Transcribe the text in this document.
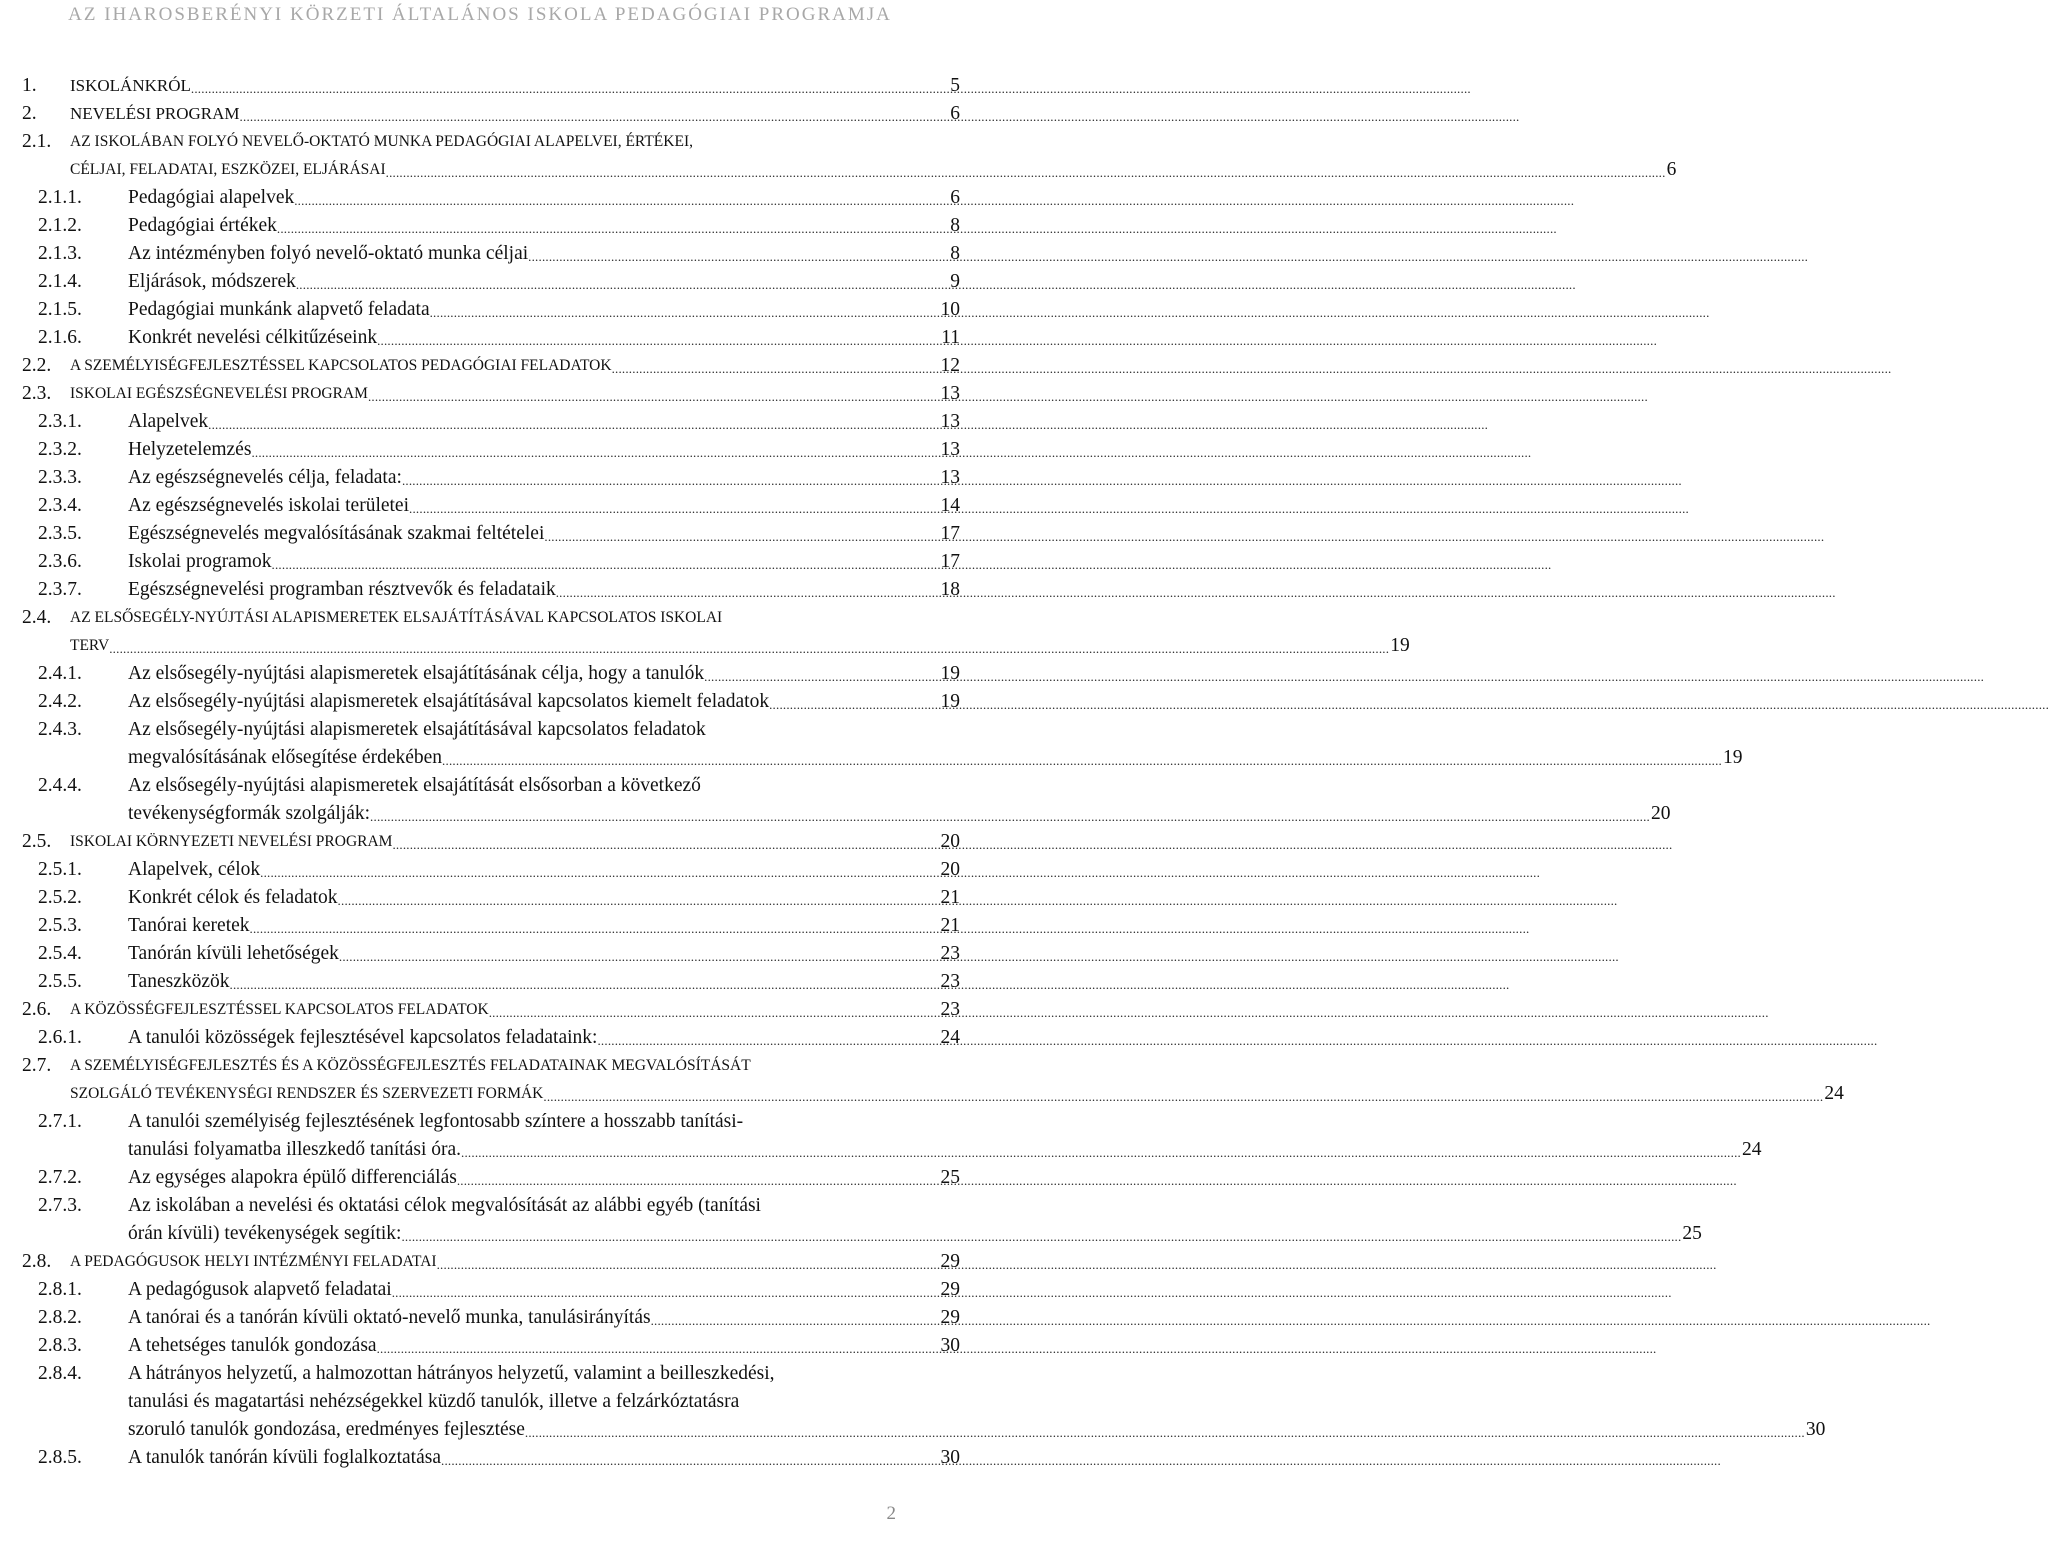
AZ IHAROSBERÉNYI KÖRZETI ÁLTALÁNOS ISKOLA PEDAGÓGIAI PROGRAMJA
1.	ISKOLÁNKRÓL .....	5
2.	NEVELÉSI PROGRAM .....	6
2.1.	AZ ISKOLÁBAN FOLYÓ NEVELŐ-OKTATÓ MUNKA PEDAGÓGIAI ALAPELVEI, ÉRTÉKEI,
CÉLJAI, FELADATAI, ESZKÖZEI, ELJÁRÁSAI .....	6
2.1.1.	Pedagógiai alapelvek .....	6
2.1.2.	Pedagógiai értékek .....	8
2.1.3.	Az intézményben folyó nevelő-oktató munka céljai .....	8
2.1.4.	Eljárások, módszerek .....	9
2.1.5.	Pedagógiai munkánk alapvető feladata .....	10
2.1.6.	Konkrét nevelési célkitűzéseink .....	11
2.2.	A SZEMÉLYISÉGFEJLESZTÉSSEL KAPCSOLATOS PEDAGÓGIAI FELADATOK .....	12
2.3.	ISKOLAI EGÉSZSÉGNEVELÉSI PROGRAM .....	13
2.3.1.	Alapelvek .....	13
2.3.2.	Helyzetelemzés .....	13
2.3.3.	Az egészségnevelés célja, feladata: .....	13
2.3.4.	Az egészségnevelés iskolai területei .....	14
2.3.5.	Egészségnevelés megvalósításának szakmai feltételei .....	17
2.3.6.	Iskolai programok .....	17
2.3.7.	Egészségnevelési programban résztvevők és feladataik .....	18
2.4.	AZ ELSŐSEGÉLY-NYÚJTÁSI ALAPISMERETEK ELSAJÁTÍTÁSÁVAL KAPCSOLATOS ISKOLAI
TERV .....	19
2.4.1.	Az elsősegély-nyújtási alapismeretek elsajátításának célja, hogy a tanulók .....	19
2.4.2.	Az elsősegély-nyújtási alapismeretek elsajátításával kapcsolatos kiemelt feladatok .....	19
2.4.3.	Az elsősegély-nyújtási alapismeretek elsajátításával kapcsolatos feladatok
megvalósításának elősegítése érdekében .....	19
2.4.4.	Az elsősegély-nyújtási alapismeretek elsajátítását elsősorban a következő
tevékenységformák szolgálják: .....	20
2.5.	ISKOLAI KÖRNYEZETI NEVELÉSI PROGRAM .....	20
2.5.1.	Alapelvek, célok .....	20
2.5.2.	Konkrét célok és feladatok .....	21
2.5.3.	Tanórai keretek .....	21
2.5.4.	Tanórán kívüli lehetőségek .....	23
2.5.5.	Taneszközök .....	23
2.6.	A KÖZÖSSÉGFEJLESZTÉSSEL KAPCSOLATOS FELADATOK .....	23
2.6.1.	A tanulói közösségek fejlesztésével kapcsolatos feladataink: .....	24
2.7.	A SZEMÉLYISÉGFEJLESZTÉS ÉS A KÖZÖSSÉGFEJLESZTÉS FELADATAINAK MEGVALÓSÍTÁSÁT
SZOLGÁLÓ TEVÉKENYSÉGI RENDSZER ÉS SZERVEZETI FORMÁK .....	24
2.7.1.	A tanulói személyiség fejlesztésének legfontosabb színtere a hosszabb tanítási-
tanulási folyamatba illeszkedő tanítási óra. .....	24
2.7.2.	Az egységes alapokra épülő differenciálás .....	25
2.7.3.	Az iskolában a nevelési és oktatási célok megvalósítását az alábbi egyéb (tanítási
órán kívüli) tevékenységek segítik: .....	25
2.8.	A PEDAGÓGUSOK HELYI INTÉZMÉNYI FELADATAI .....	29
2.8.1.	A pedagógusok alapvető feladatai .....	29
2.8.2.	A tanórai és a tanórán kívüli oktató-nevelő munka, tanulásirányítás .....	29
2.8.3.	A tehetséges tanulók gondozása .....	30
2.8.4.	A hátrányos helyzetű, a halmozottan hátrányos helyzetű, valamint a beilleszkedési,
tanulási és magatartási nehézségekkel küzdő tanulók, illetve a felzárkóztatásra
szoruló tanulók gondozása, eredményes fejlesztése .....	30
2.8.5.	A tanulók tanórán kívüli foglalkoztatása .....	30
2
